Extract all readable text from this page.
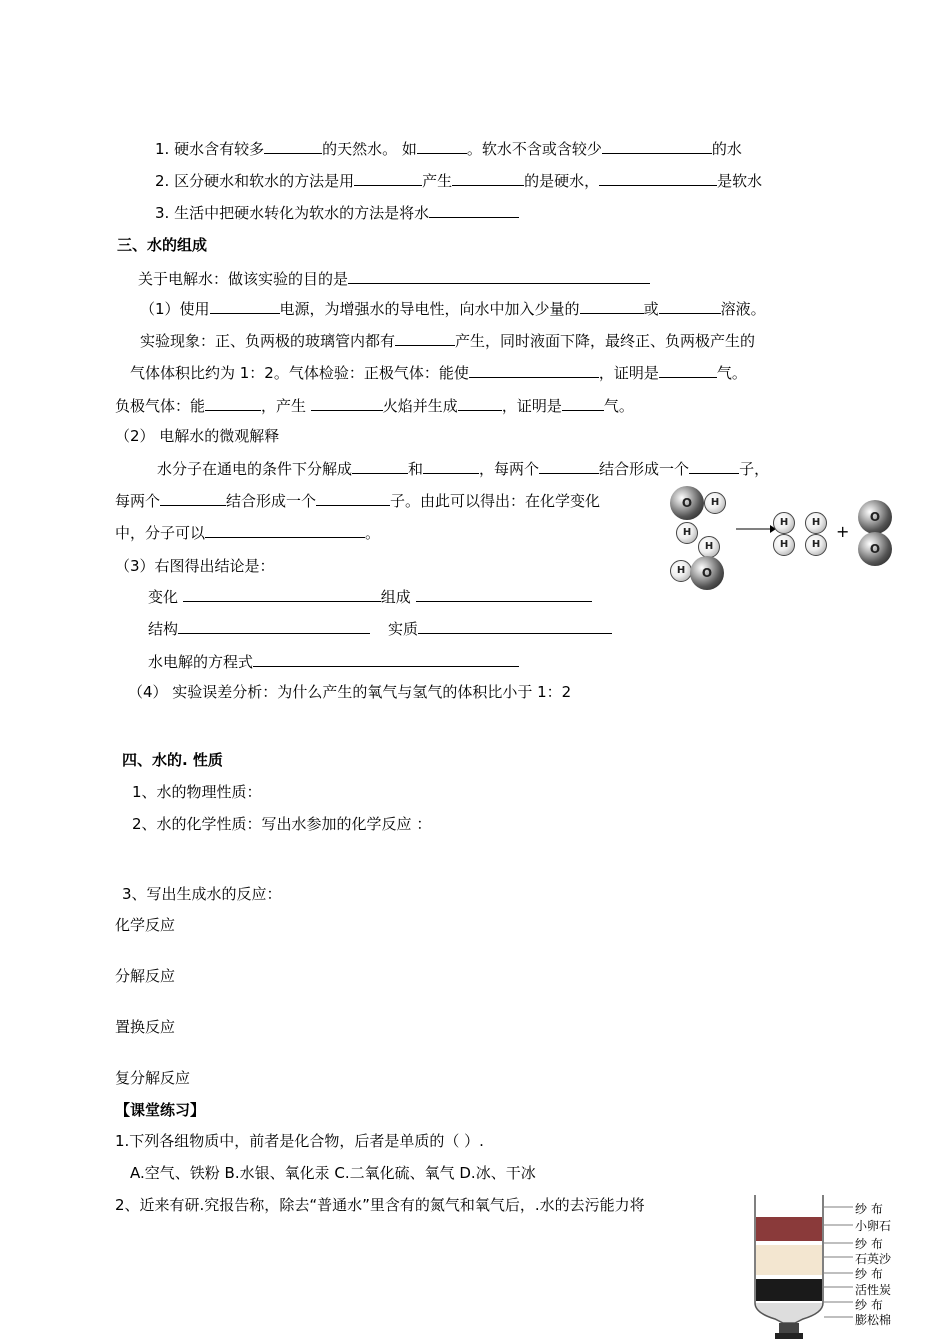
1. 硬水含有较多	的天然水。 如	。软水不含或含较少	的水
2. 区分硬水和软水的方法是用	产生	的是硬水，	是软水
3. 生活中把硬水转化为软水的方法是将水
三、水的组成
关于电解水：做该实验的目的是
（1）使用	电源，为增强水的导电性，向水中加入少量的	或	溶液。
实验现象：正、负两极的玻璃管内都有	产生，同时液面下降，最终正、负两极产生的
气体体积比约为 1：2。气体检验：正极气体：能使	，证明是	气。
负极气体：能	，产生	火焰并生成	，证明是	气。
（2） 电解水的微观解释
水分子在通电的条件下分解成	和	，每两个	结合形成一个	子，
每两个	结合形成一个	子。由此可以得出：在化学变化
中，分子可以	。
O	H
H
H
H	O
H	H
H	H
+
O
O
（3）右图得出结论是：
变化	组成
结构	实质
水电解的方程式
（4） 实验误差分析：为什么产生的氧气与氢气的体积比小于 1：2
四、水的. 性质
1、水的物理性质：
2、水的化学性质：写出水参加的化学反应 ：
3、写出生成水的反应：
化学反应
分解反应
置换反应
复分解反应
【课堂练习】
1.下列各组物质中，前者是化合物，后者是单质的（ ）.
A.空气、铁粉 B.水银、氧化汞 C.二氧化硫、氧气 D.冰、干冰
2、近来有研.究报告称，除去“普通水”里含有的氮气和氧气后，.水的去污能力将	纱 布
小卵石
纱 布
石英沙
纱 布
活性炭
纱 布
膨松棉
